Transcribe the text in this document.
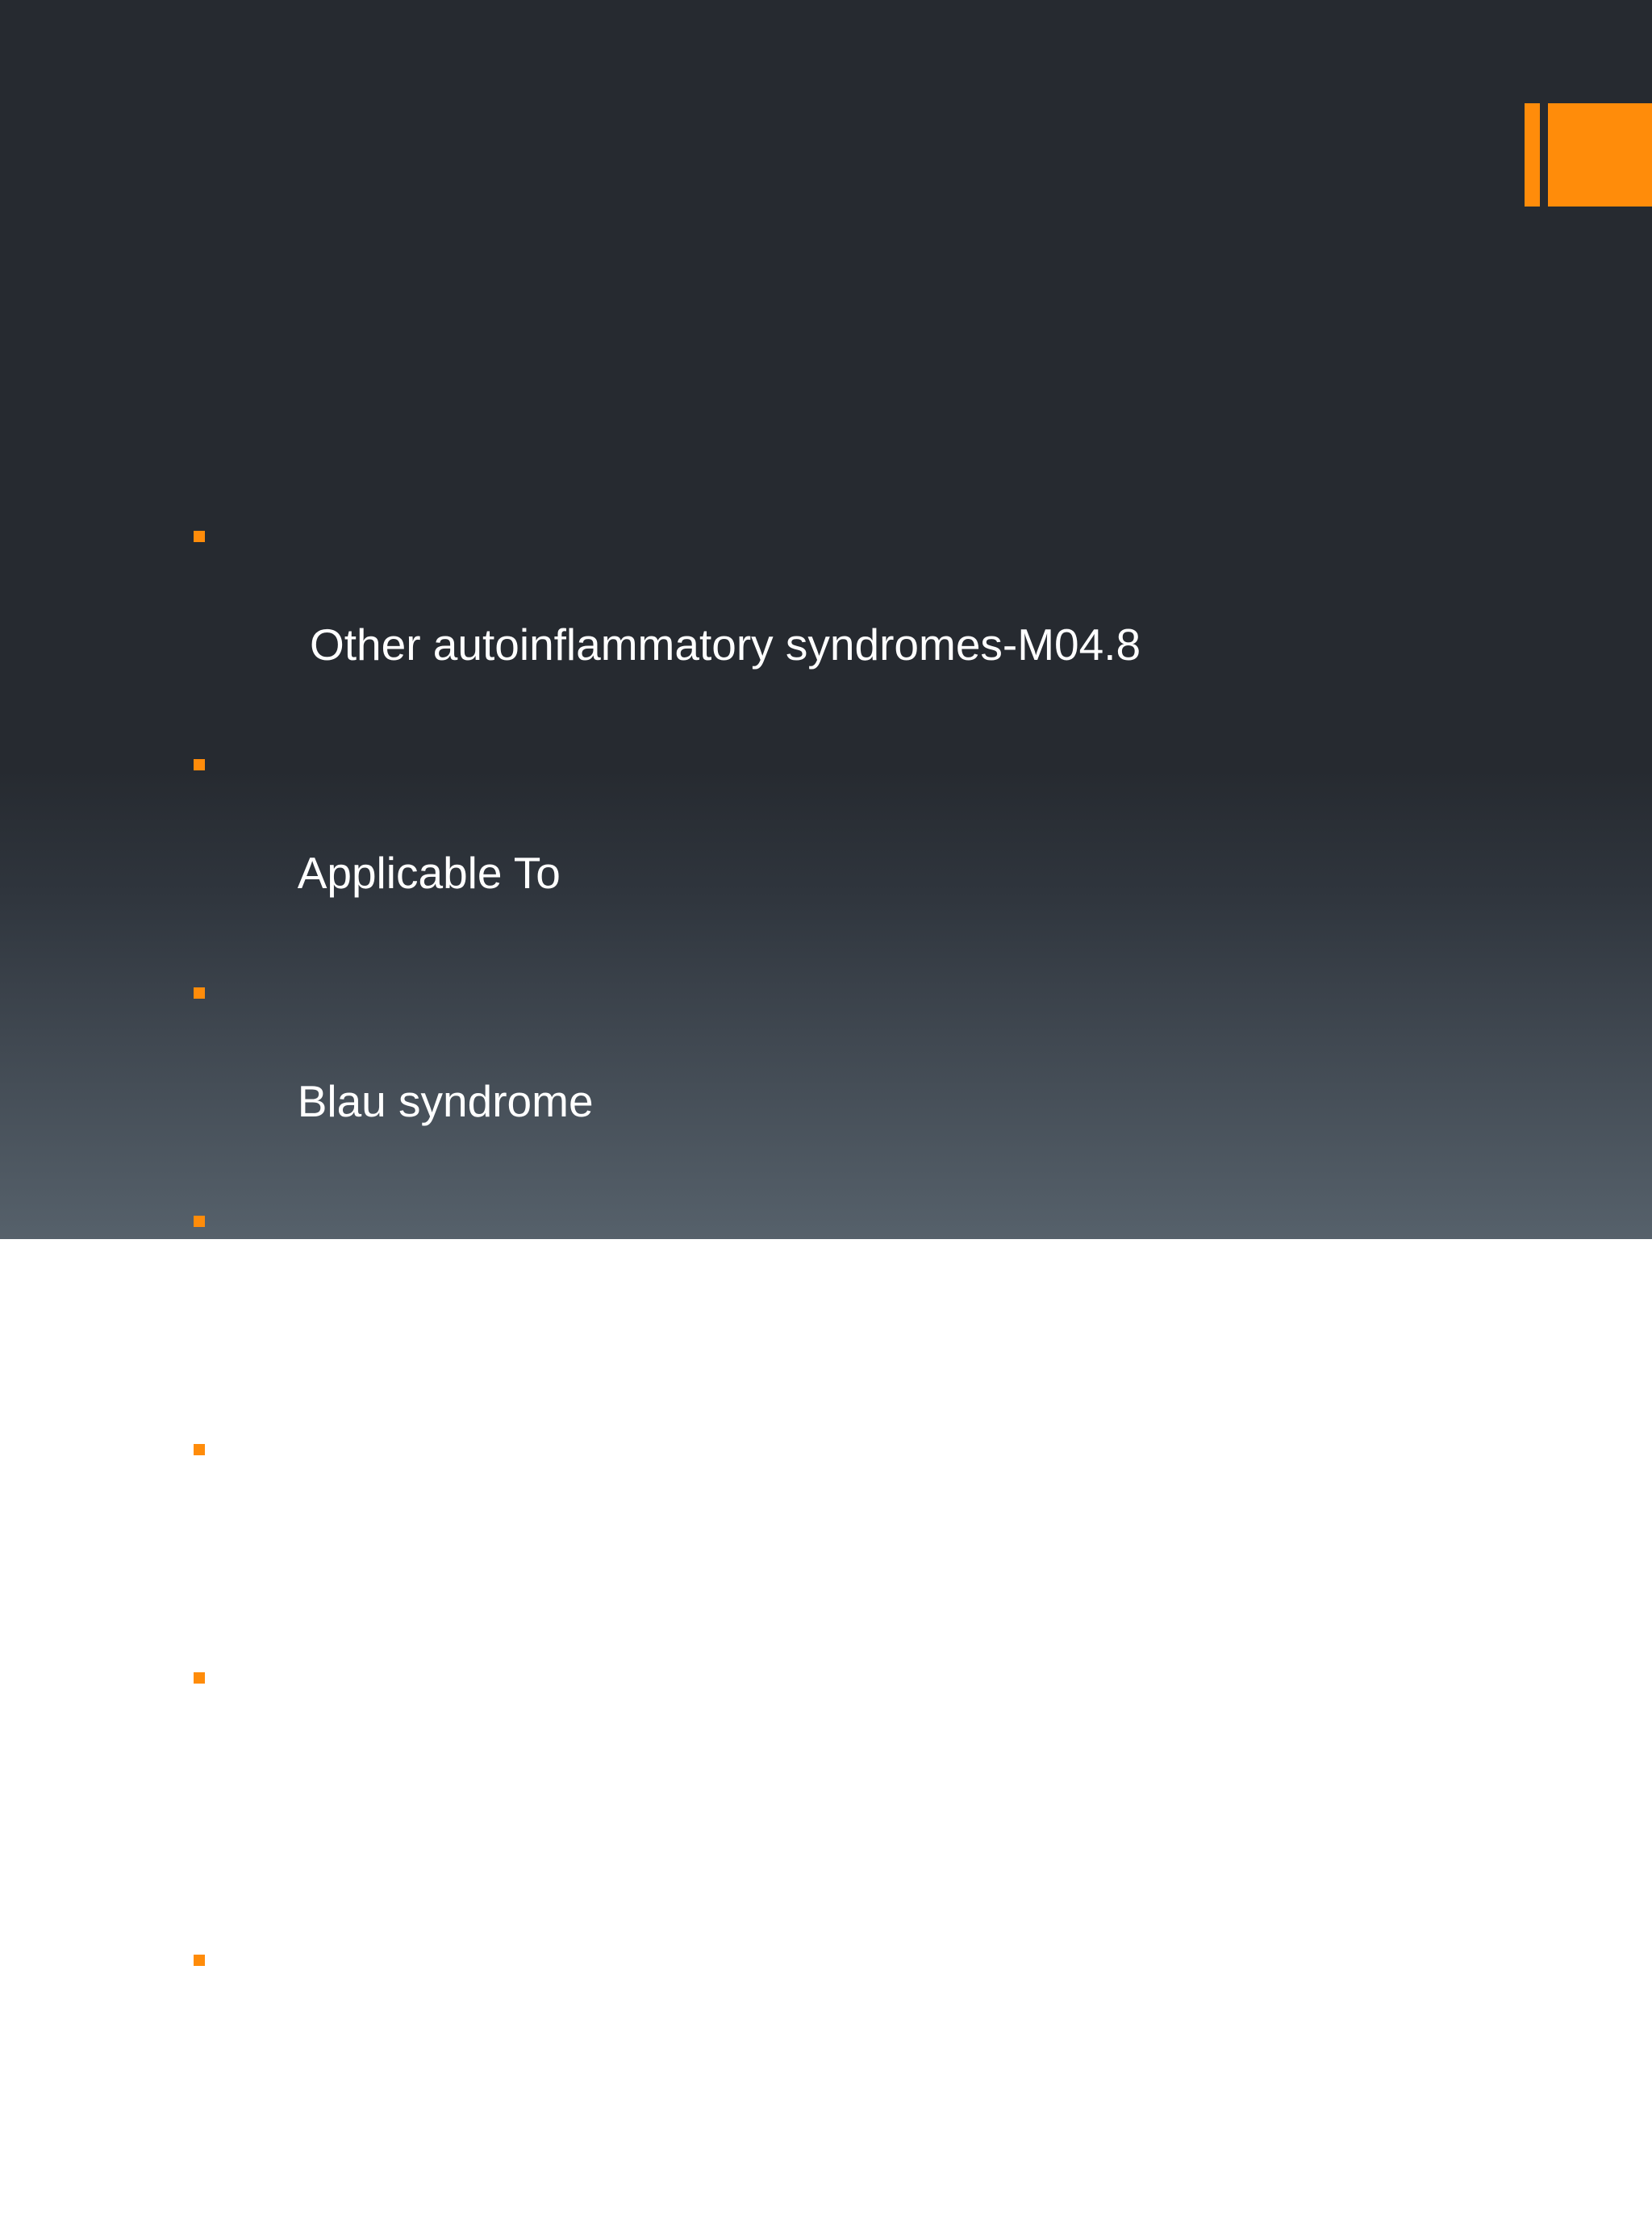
Other autoinflammatory syndromes-M04.8

Applicable To

Blau syndrome

Deficiency of interleukin 1 receptor antagonist [DIRA]

Majeed syndrome

Periodic fever, aphthous stomatitis, pharyngitis, and adenopathy syndrome [PFAPA]

Pyogenic arthritis, pyoderma gangrenosum, and acne syndrome [PAPA]
